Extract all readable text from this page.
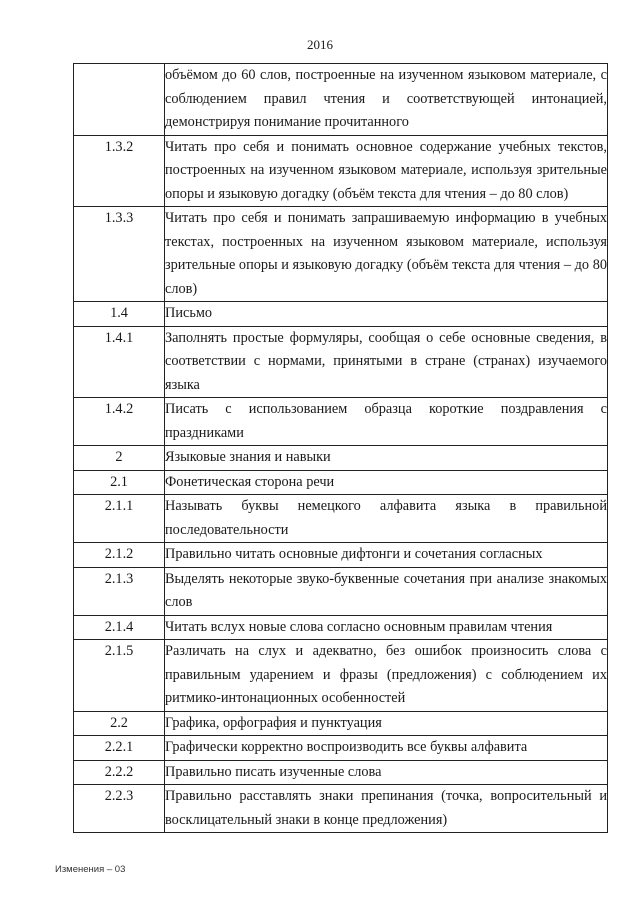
2016
	объёмом до 60 слов, построенные на изученном языковом материале, с соблюдением правил чтения и соответствующей интонацией, демонстрируя понимание прочитанного
1.3.2	Читать про себя и понимать основное содержание учебных текстов, построенных на изученном языковом материале, используя зрительные опоры и языковую догадку (объём текста для чтения – до 80 слов)
1.3.3	Читать про себя и понимать запрашиваемую информацию в учебных текстах, построенных на изученном языковом материале, используя зрительные опоры и языковую догадку (объём текста для чтения – до 80 слов)
1.4	Письмо
1.4.1	Заполнять простые формуляры, сообщая о себе основные сведения, в соответствии с нормами, принятыми в стране (странах) изучаемого языка
1.4.2	Писать с использованием образца короткие поздравления с праздниками
2	Языковые знания и навыки
2.1	Фонетическая сторона речи
2.1.1	Называть буквы немецкого алфавита языка в правильной последовательности
2.1.2	Правильно читать основные дифтонги и сочетания согласных
2.1.3	Выделять некоторые звуко-буквенные сочетания при анализе знакомых слов
2.1.4	Читать вслух новые слова согласно основным правилам чтения
2.1.5	Различать на слух и адекватно, без ошибок произносить слова с правильным ударением и фразы (предложения) с соблюдением их ритмико-интонационных особенностей
2.2	Графика, орфография и пунктуация
2.2.1	Графически корректно воспроизводить все буквы алфавита
2.2.2	Правильно писать изученные слова
2.2.3	Правильно расставлять знаки препинания (точка, вопросительный и восклицательный знаки в конце предложения)
Изменения – 03
